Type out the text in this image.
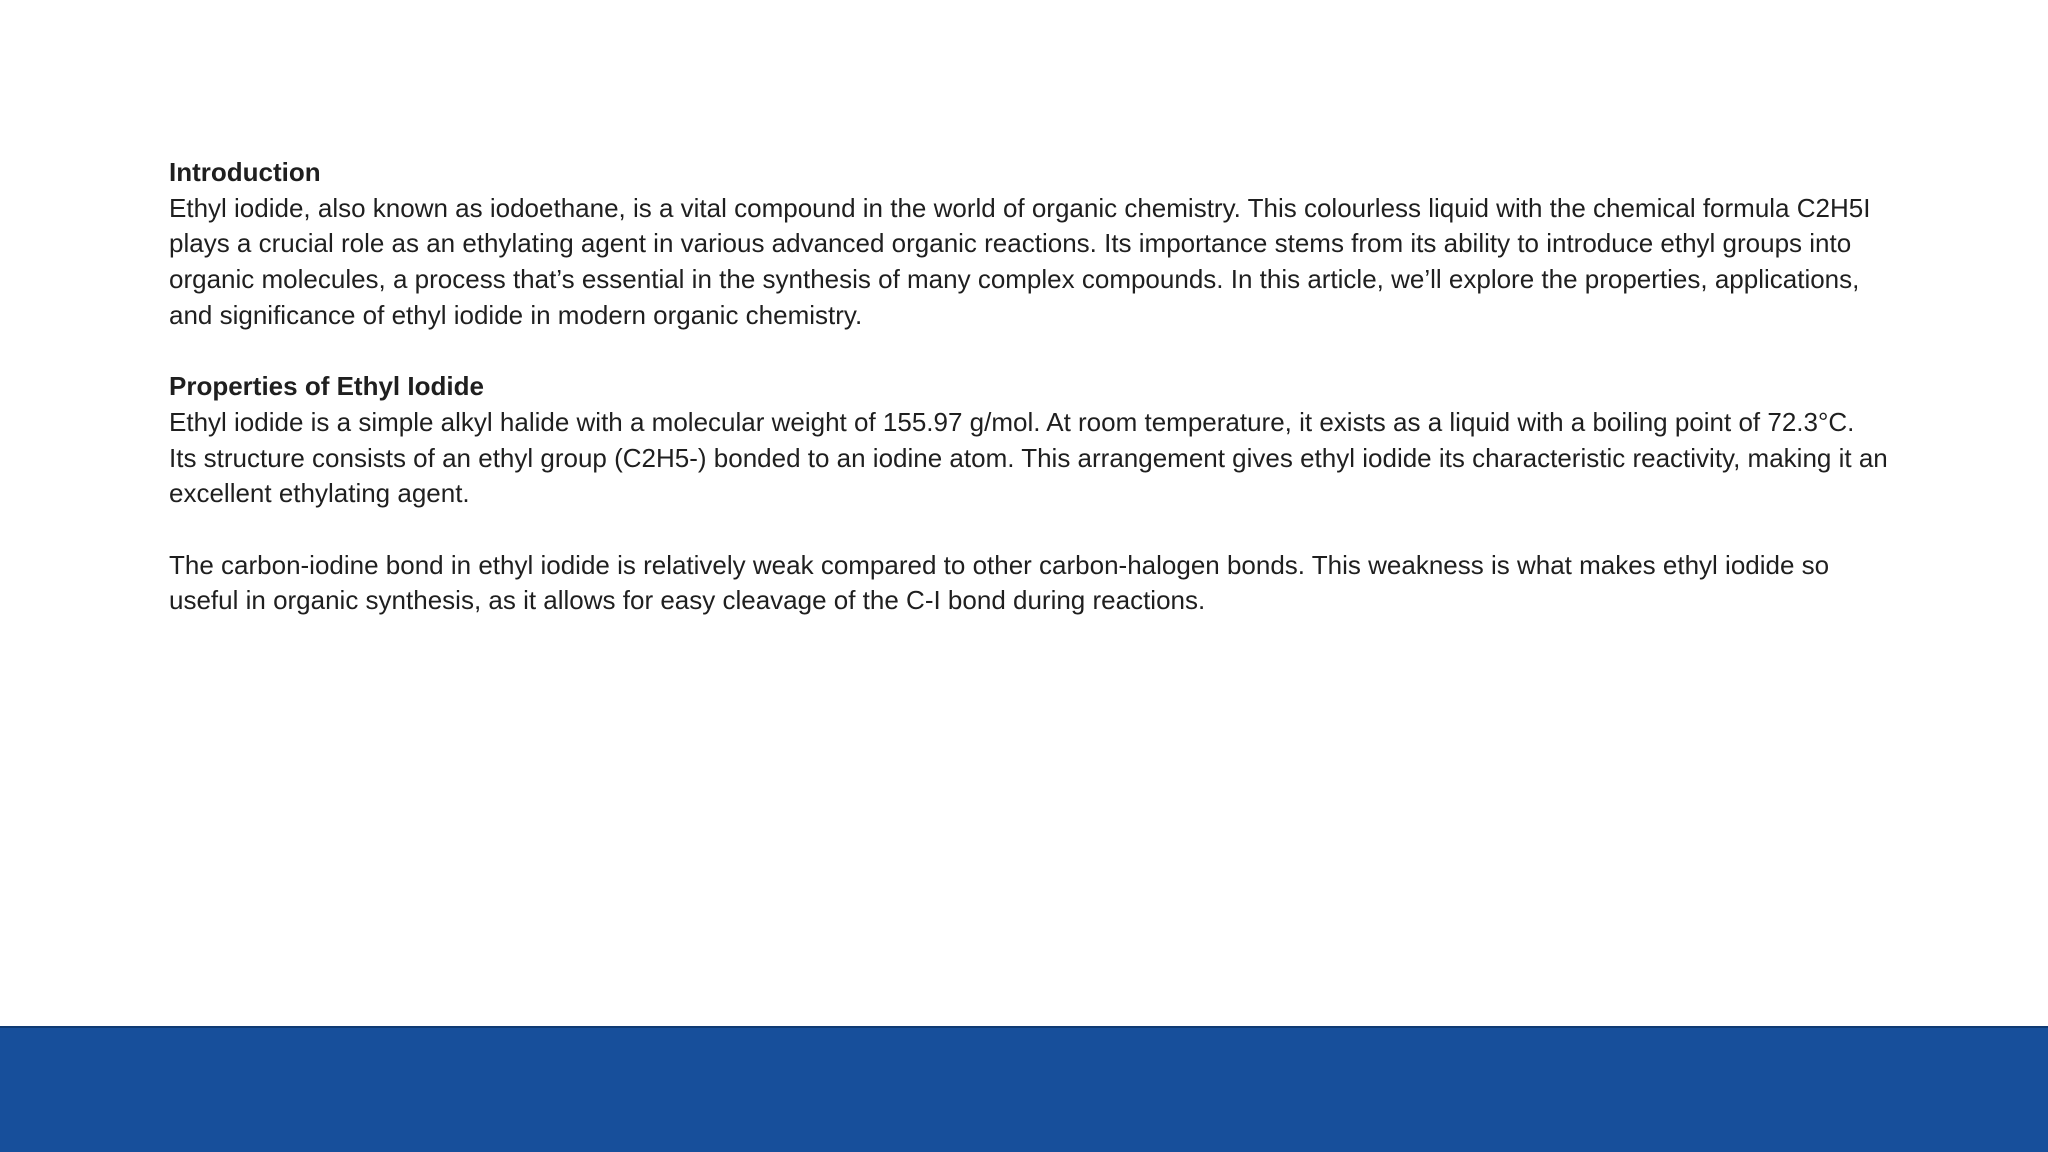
Introduction

Ethyl iodide, also known as iodoethane, is a vital compound in the world of organic chemistry. This colourless liquid with the chemical formula C2H5I plays a crucial role as an ethylating agent in various advanced organic reactions. Its importance stems from its ability to introduce ethyl groups into organic molecules, a process that’s essential in the synthesis of many complex compounds. In this article, we’ll explore the properties, applications, and significance of ethyl iodide in modern organic chemistry.

Properties of Ethyl Iodide

Ethyl iodide is a simple alkyl halide with a molecular weight of 155.97 g/mol. At room temperature, it exists as a liquid with a boiling point of 72.3°C. Its structure consists of an ethyl group (C2H5-) bonded to an iodine atom. This arrangement gives ethyl iodide its characteristic reactivity, making it an excellent ethylating agent.

The carbon-iodine bond in ethyl iodide is relatively weak compared to other carbon-halogen bonds. This weakness is what makes ethyl iodide so useful in organic synthesis, as it allows for easy cleavage of the C-I bond during reactions.
